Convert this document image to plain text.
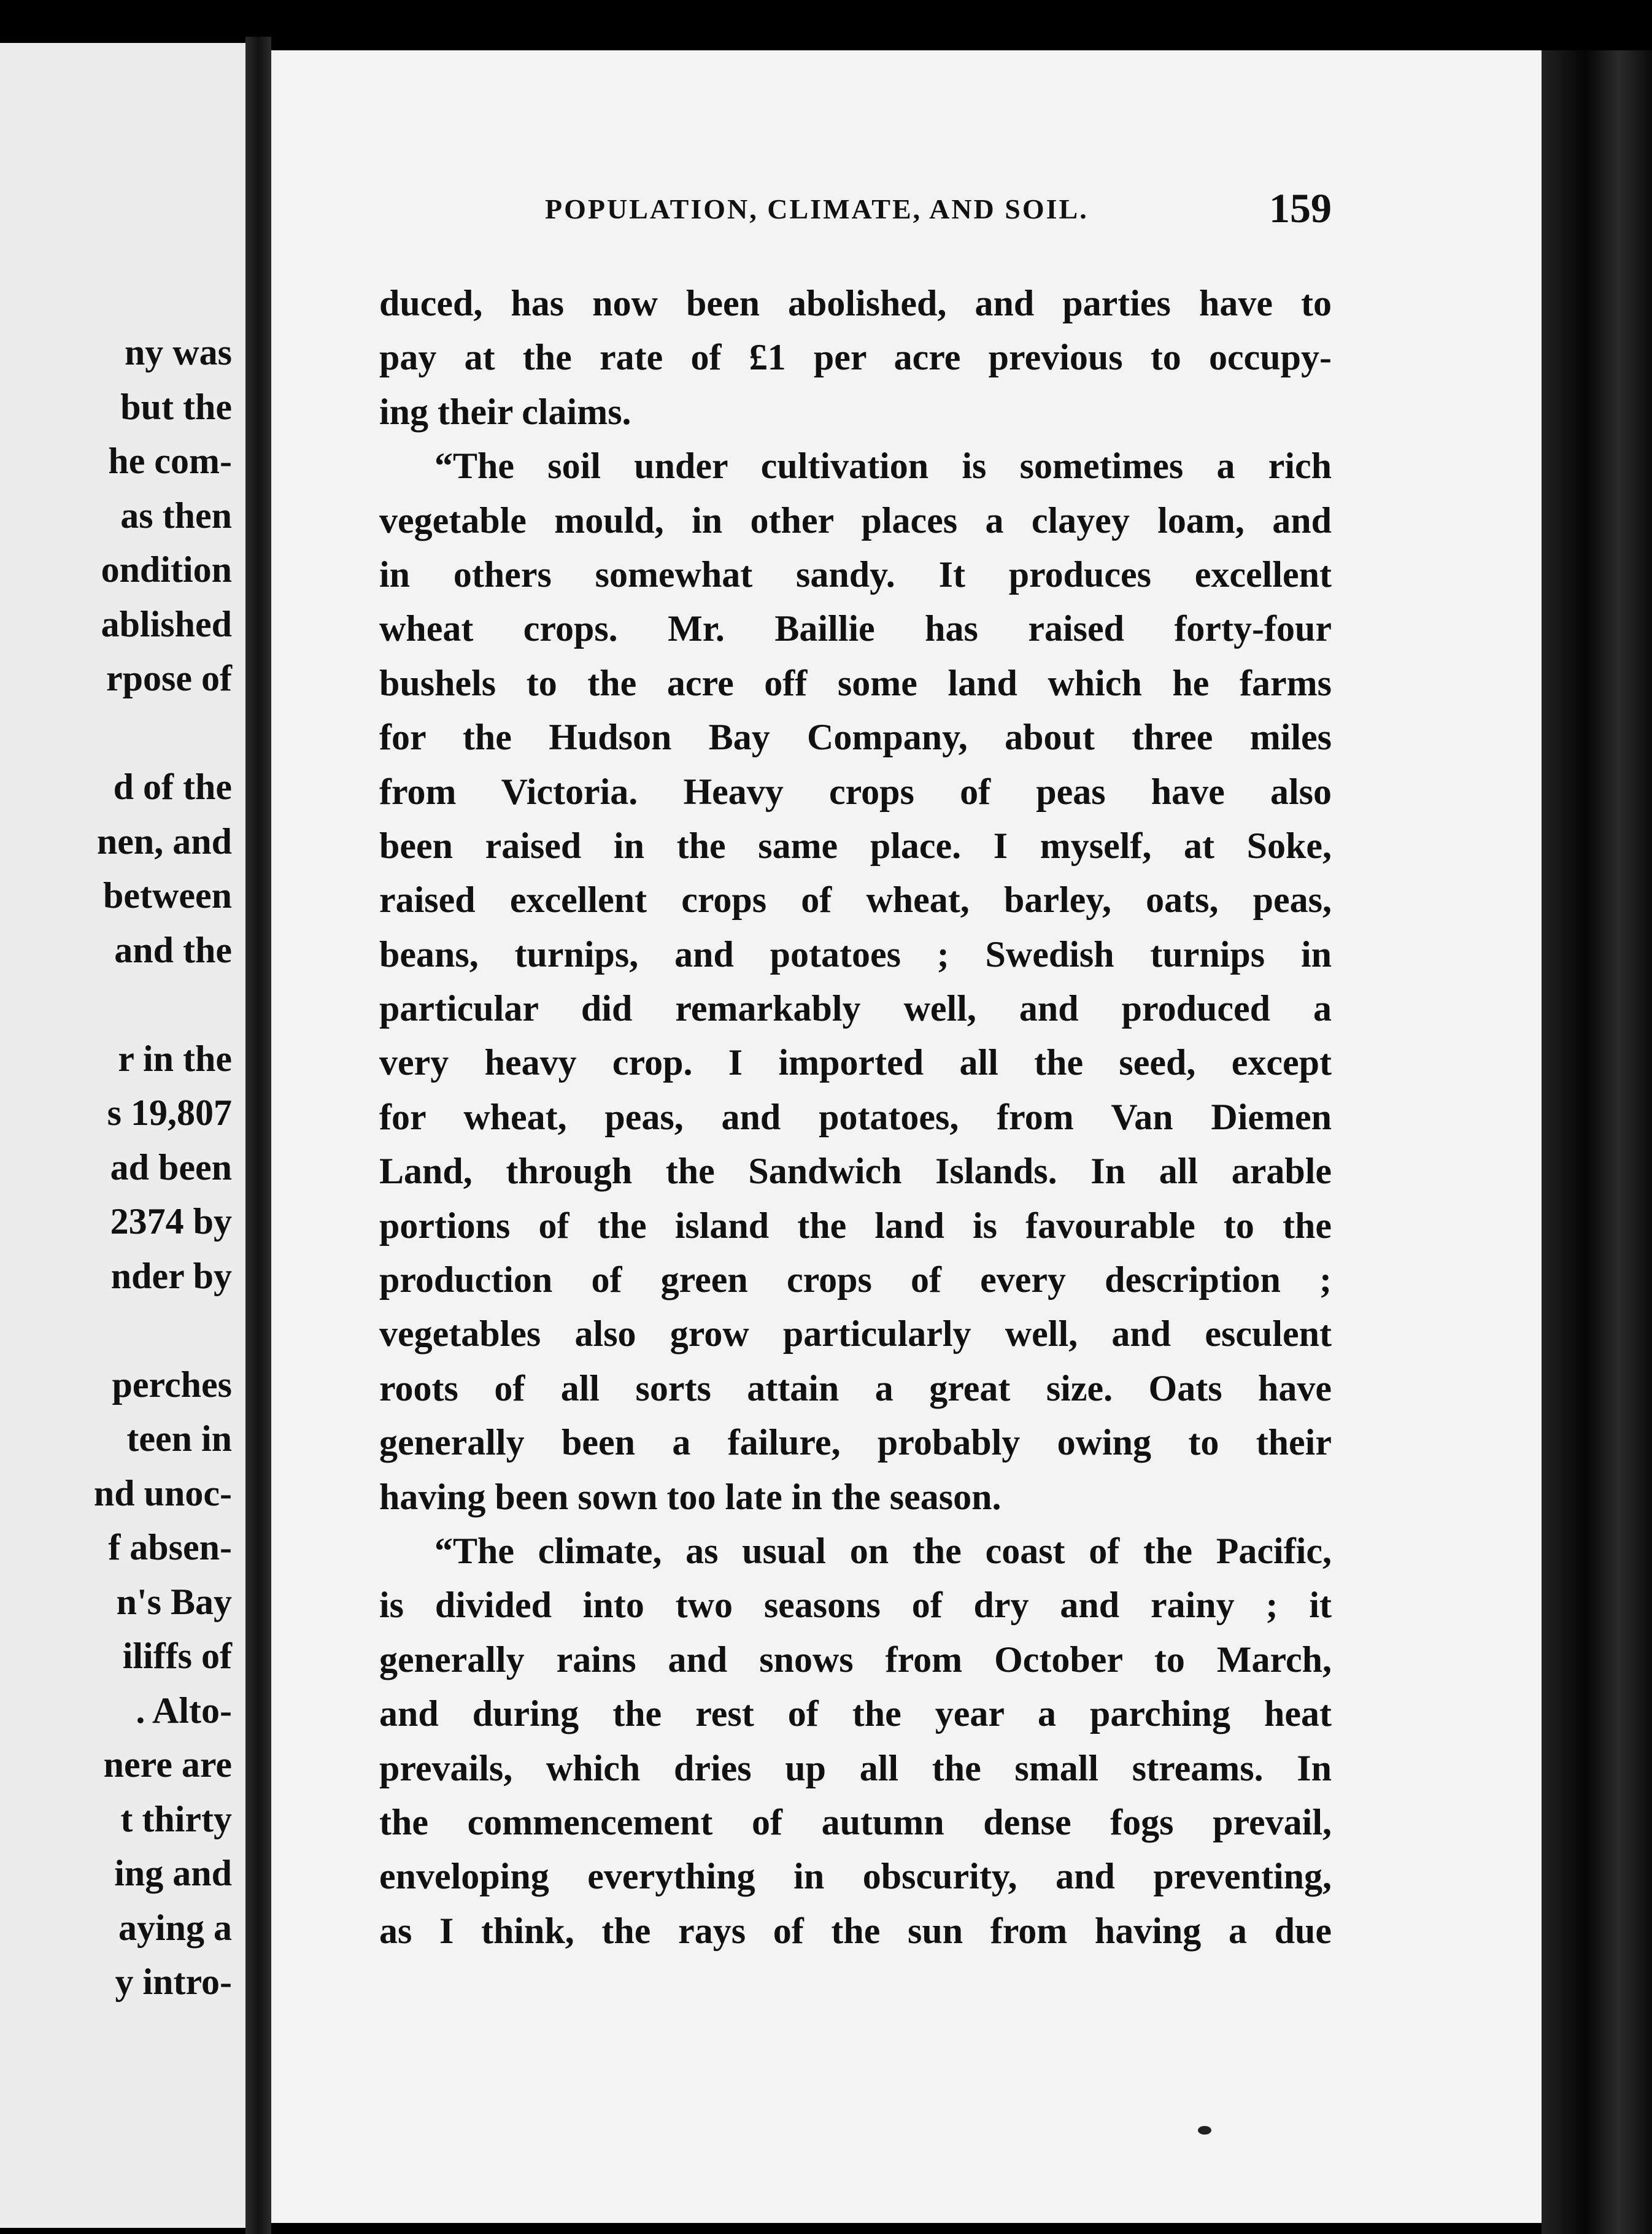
ny was
but the
he com-
as then
ondition
ablished
rpose of
d of the
nen, and
between
and the
r in the
s 19,807
ad been
2374 by
nder by
perches
teen in
nd unoc-
f absen-
n's Bay
iliffs of
. Alto-
nere are
t thirty
ing and
aying a
y intro-
POPULATION, CLIMATE, AND SOIL.	159
duced, has now been abolished, and parties have to
pay at the rate of £1 per acre previous to occupy-
ing their claims.
“The soil under cultivation is sometimes a rich
vegetable mould, in other places a clayey loam, and
in others somewhat sandy. It produces excellent
wheat crops. Mr. Baillie has raised forty-four
bushels to the acre off some land which he farms
for the Hudson Bay Company, about three miles
from Victoria. Heavy crops of peas have also
been raised in the same place. I myself, at Soke,
raised excellent crops of wheat, barley, oats, peas,
beans, turnips, and potatoes ; Swedish turnips in
particular did remarkably well, and produced a
very heavy crop. I imported all the seed, except
for wheat, peas, and potatoes, from Van Diemen
Land, through the Sandwich Islands. In all arable
portions of the island the land is favourable to the
production of green crops of every description ;
vegetables also grow particularly well, and esculent
roots of all sorts attain a great size. Oats have
generally been a failure, probably owing to their
having been sown too late in the season.
“The climate, as usual on the coast of the Pacific,
is divided into two seasons of dry and rainy ; it
generally rains and snows from October to March,
and during the rest of the year a parching heat
prevails, which dries up all the small streams. In
the commencement of autumn dense fogs prevail,
enveloping everything in obscurity, and preventing,
as I think, the rays of the sun from having a due
